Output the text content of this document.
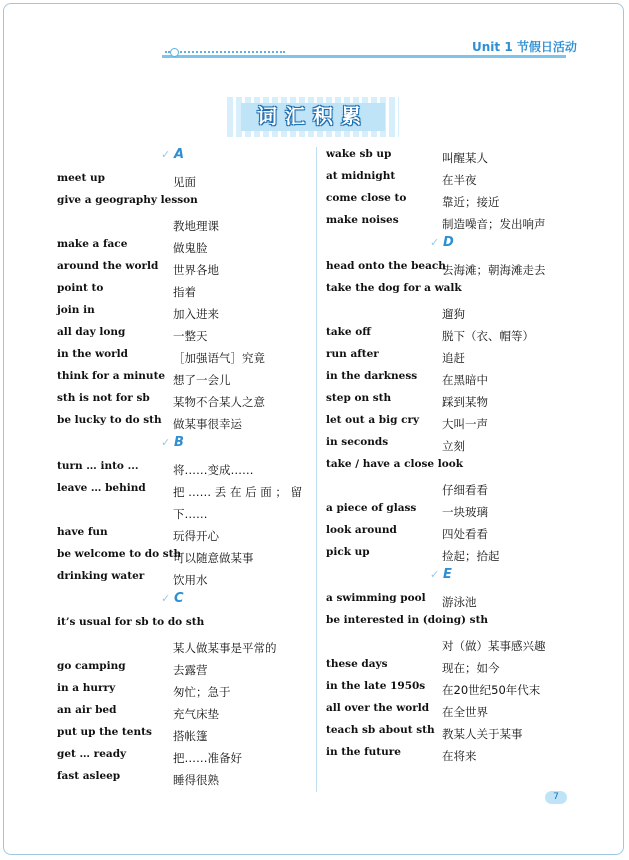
Unit 1 节假日活动
词汇积累
✓ A
meet up	见面
give a geography lesson
教地理课
make a face	做鬼脸
around the world	世界各地
point to	指着
join in	加入进来
all day long	一整天
in the world	［加强语气］究竟
think for a minute 想了一会儿
sth is not for sb	某物不合某人之意
be lucky to do sth 做某事很幸运
✓ B
turn … into ...	将……变成……
leave … behind	把 …… 丢 在 后 面 ； 留下……
have fun	玩得开心
be welcome to do sth
可以随意做某事
drinking water	饮用水
✓ C
it’s usual for sb to do sth
某人做某事是平常的
go camping	去露营
in a hurry	匆忙；急于
an air bed	充气床垫
put up the tents	搭帐篷
get … ready	把……准备好
fast asleep	睡得很熟
wake sb up	叫醒某人
at midnight	在半夜
come close to	靠近；接近
make noises	制造噪音；发出响声
✓ D
head onto the beach
去海滩；朝海滩走去
take the dog for a walk
遛狗
take off	脱下（衣、帽等）
run after	追赶
in the darkness	在黑暗中
step on sth	踩到某物
let out a big cry	大叫一声
in seconds	立刻
take / have a close look
仔细看看
a piece of glass	一块玻璃
look around	四处看看
pick up	捡起；拾起
✓ E
a swimming pool	游泳池
be interested in (doing) sth
对（做）某事感兴趣
these days	现在；如今
in the late 1950s	在20世纪50年代末
all over the world	在全世界
teach sb about sth 教某人关于某事
in the future	在将来
7
